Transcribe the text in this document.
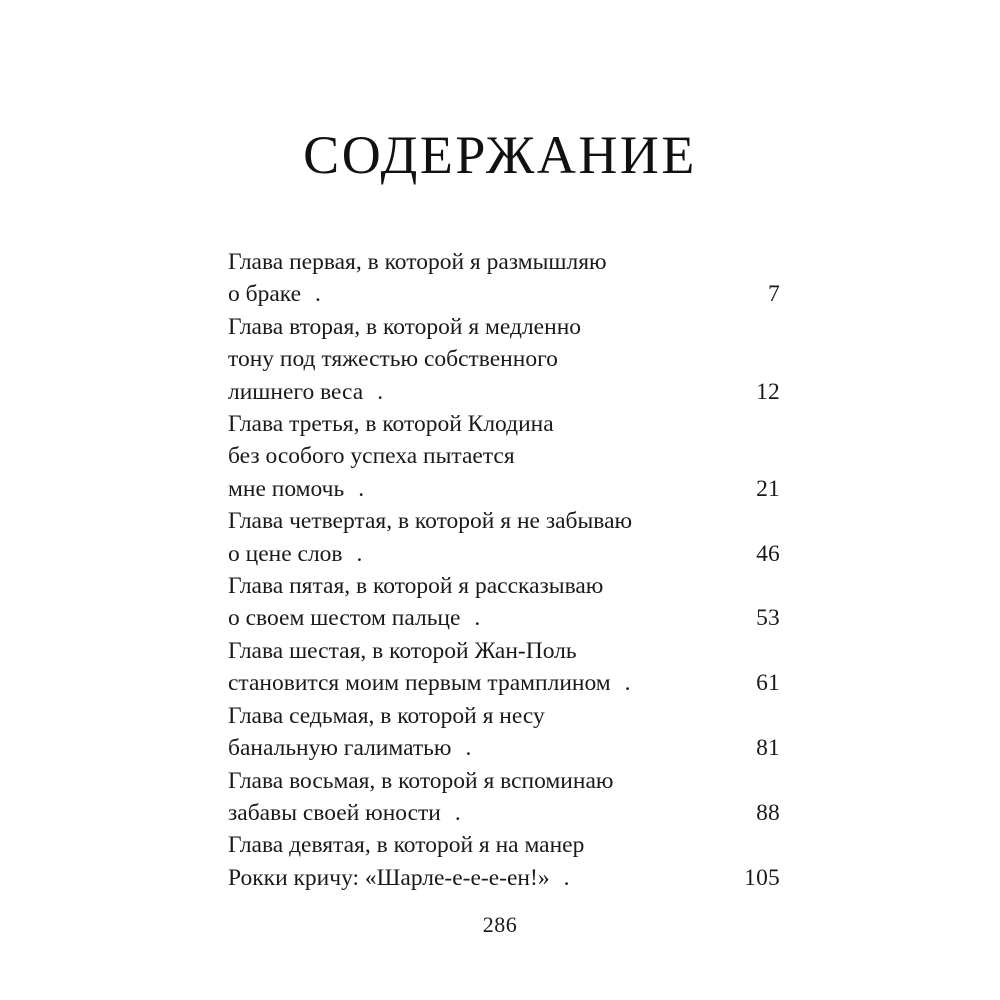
СОДЕРЖАНИЕ
Глава первая, в которой я размышляю
о браке .	7
Глава вторая, в которой я медленно
тону под тяжестью собственного
лишнего веса .	12
Глава третья, в которой Клодина
без особого успеха пытается
мне помочь .	21
Глава четвертая, в которой я не забываю
о цене слов .	46
Глава пятая, в которой я рассказываю
о своем шестом пальце .	53
Глава шестая, в которой Жан-Поль
становится моим первым трамплином .	61
Глава седьмая, в которой я несу
банальную галиматью .	81
Глава восьмая, в которой я вспоминаю
забавы своей юности .	88
Глава девятая, в которой я на манер
Рокки кричу: «Шарле-е-е-е-ен!» .	105
286
